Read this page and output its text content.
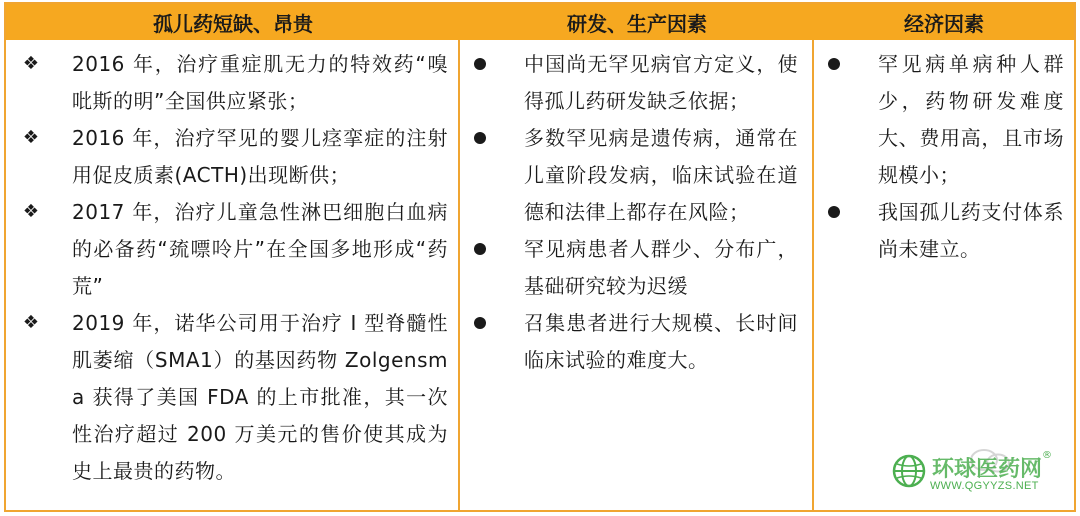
孤儿药短缺、昂贵	研发、生产因素	经济因素
❖ 2016 年，治疗重症肌无力的特效药“嗅吡斯的明”全国供应紧张；
❖ 2016 年，治疗罕见的婴儿痉挛症的注射用促皮质素(ACTH)出现断供；
❖ 2017 年，治疗儿童急性淋巴细胞白血病的必备药“巯嘌呤片”在全国多地形成“药荒”
❖ 2019 年，诺华公司用于治疗 I 型脊髓性肌萎缩（SMA1）的基因药物 Zolgensma 获得了美国 FDA 的上市批准，其一次性治疗超过 200 万美元的售价使其成为史上最贵的药物。
中国尚无罕见病官方定义，使得孤儿药研发缺乏依据；
多数罕见病是遗传病，通常在儿童阶段发病，临床试验在道德和法律上都存在风险；
罕见病患者人群少、分布广，基础研究较为迟缓
召集患者进行大规模、长时间临床试验的难度大。
罕见病单病种人群少，药物研发难度大、费用高，且市场规模小；
我国孤儿药支付体系尚未建立。
环球医药网
®
WWW.QGYYZS.NET
